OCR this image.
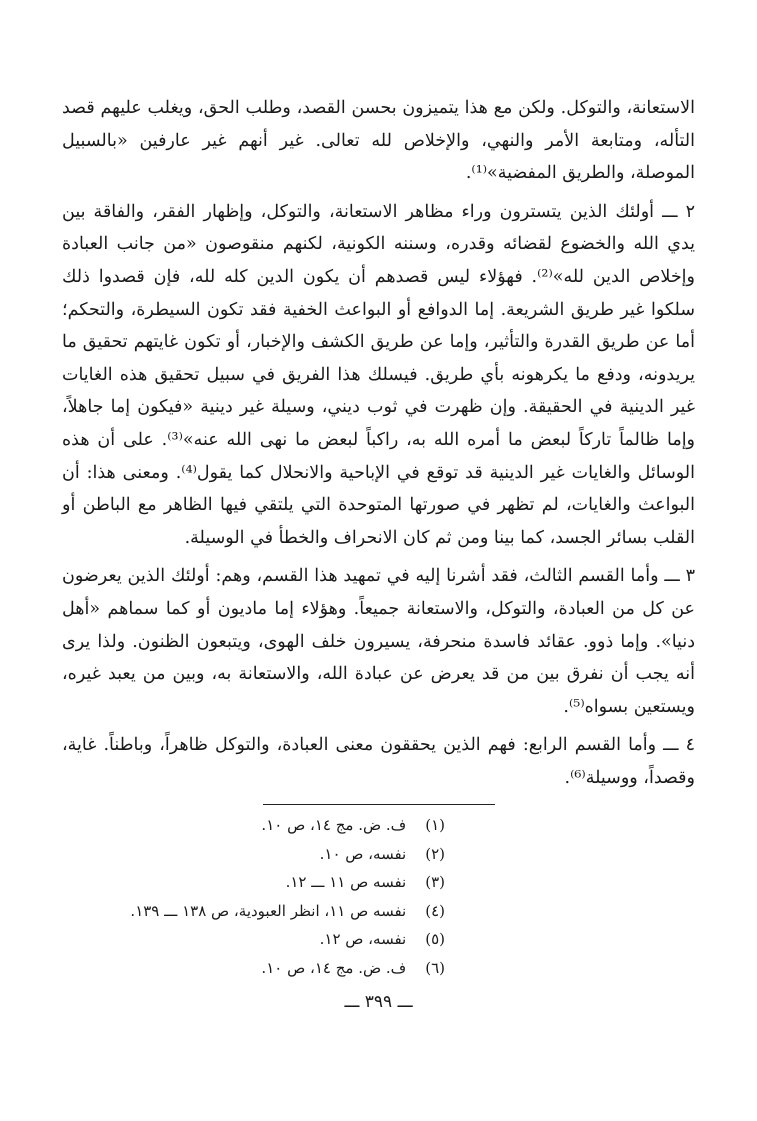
الاستعانة، والتوكل. ولكن مع هذا يتميزون بحسن القصد، وطلب الحق، ويغلب عليهم قصد التأله، ومتابعة الأمر والنهي، والإخلاص لله تعالى. غير أنهم غير عارفين «بالسبيل الموصلة، والطريق المفضية»⁽¹⁾.

٢ ـــ أولئك الذين يتسترون وراء مظاهر الاستعانة، والتوكل، وإظهار الفقر، والفاقة بين يدي الله والخضوع لقضائه وقدره، وسننه الكونية، لكنهم منقوصون «من جانب العبادة وإخلاص الدين لله»⁽²⁾. فهؤلاء ليس قصدهم أن يكون الدين كله لله، فإن قصدوا ذلك سلكوا غير طريق الشريعة. إما الدوافع أو البواعث الخفية فقد تكون السيطرة، والتحكم؛ أما عن طريق القدرة والتأثير، وإما عن طريق الكشف والإخبار، أو تكون غايتهم تحقيق ما يريدونه، ودفع ما يكرهونه بأي طريق. فيسلك هذا الفريق في سبيل تحقيق هذه الغايات غير الدينية في الحقيقة. وإن ظهرت في ثوب ديني، وسيلة غير دينية «فيكون إما جاهلاً، وإما ظالماً تاركاً لبعض ما أمره الله به، راكباً لبعض ما نهى الله عنه»⁽³⁾. على أن هذه الوسائل والغايات غير الدينية قد توقع في الإباحية والانحلال كما يقول⁽⁴⁾. ومعنى هذا: أن البواعث والغايات، لم تظهر في صورتها المتوحدة التي يلتقي فيها الظاهر مع الباطن أو القلب بسائر الجسد، كما بينا ومن ثم كان الانحراف والخطأ في الوسيلة.

٣ ـــ وأما القسم الثالث، فقد أشرنا إليه في تمهيد هذا القسم، وهم: أولئك الذين يعرضون عن كل من العبادة، والتوكل، والاستعانة جميعاً. وهؤلاء إما ماديون أو كما سماهم «أهل دنيا». وإما ذوو. عقائد فاسدة منحرفة، يسيرون خلف الهوى، ويتبعون الظنون. ولذا يرى أنه يجب أن نفرق بين من قد يعرض عن عبادة الله، والاستعانة به، وبين من يعبد غيره، ويستعين بسواه⁽⁵⁾.

٤ ـــ وأما القسم الرابع: فهم الذين يحققون معنى العبادة، والتوكل ظاهراً، وباطناً. غاية، وقصداً، ووسيلة⁽⁶⁾.

(١) ف. ض. مج ١٤، ص ١٠.
(٢) نفسه، ص ١٠.
(٣) نفسه ص ١١ ـــ ١٢.
(٤) نفسه ص ١١، انظر العبودية، ص ١٣٨ ـــ ١٣٩.
(٥) نفسه، ص ١٢.
(٦) ف. ض. مج ١٤، ص ١٠.
ـــ ٣٩٩ ـــ
